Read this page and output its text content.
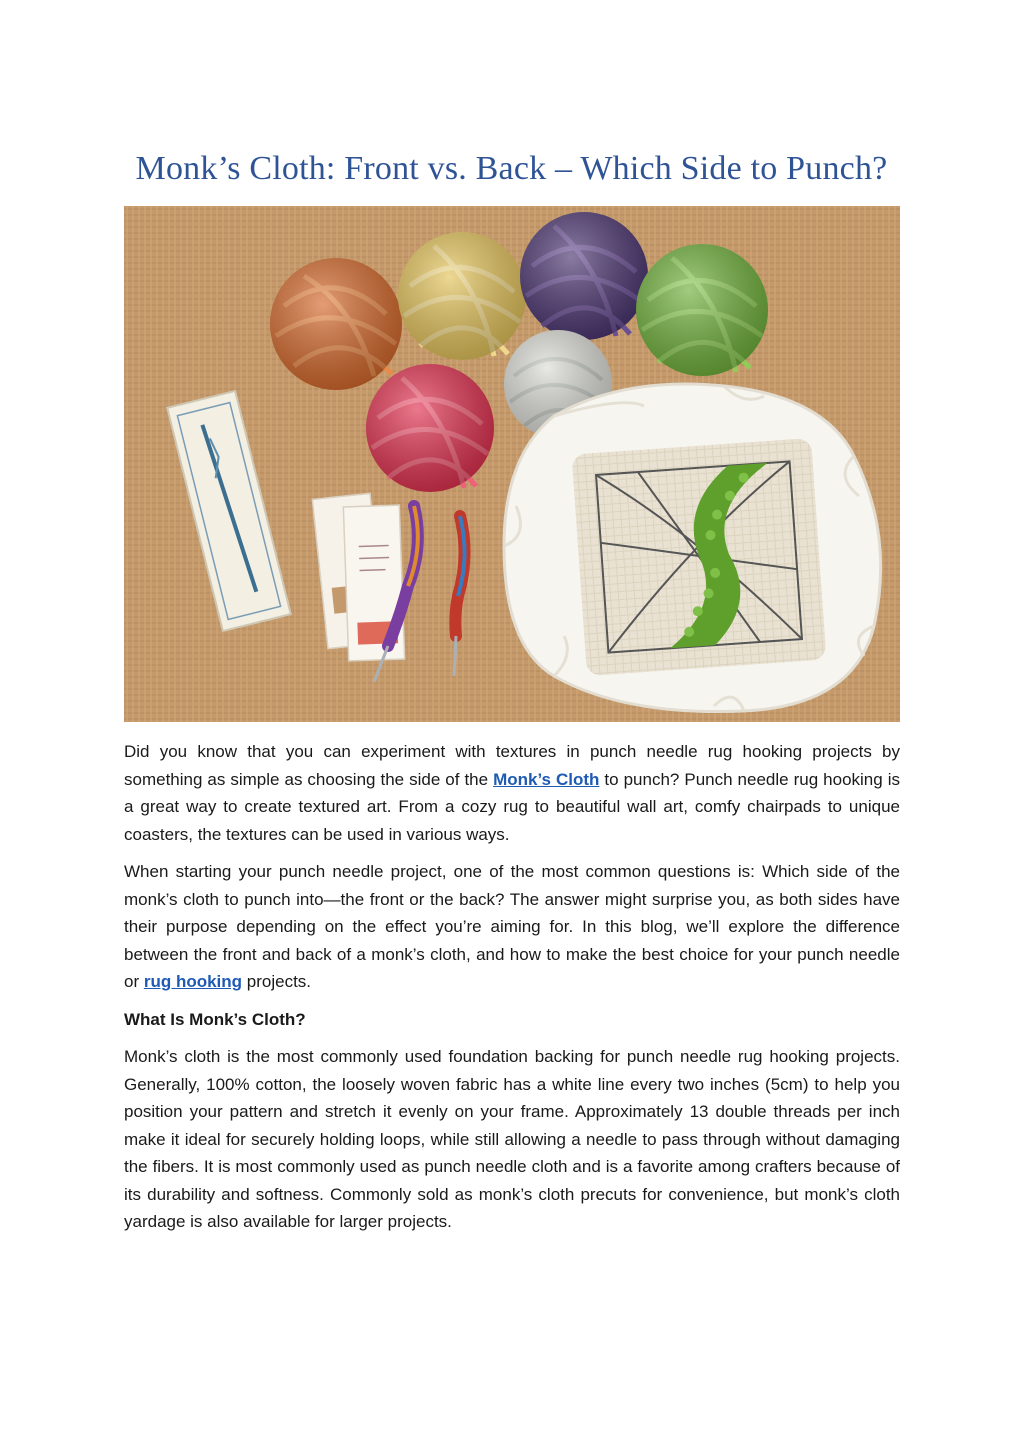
Monk’s Cloth: Front vs. Back – Which Side to Punch?

Did you know that you can experiment with textures in punch needle rug hooking projects by something as simple as choosing the side of the Monk’s Cloth to punch? Punch needle rug hooking is a great way to create textured art. From a cozy rug to beautiful wall art, comfy chairpads to unique coasters, the textures can be used in various ways.

When starting your punch needle project, one of the most common questions is: Which side of the monk’s cloth to punch into—the front or the back? The answer might surprise you, as both sides have their purpose depending on the effect you’re aiming for. In this blog, we’ll explore the difference between the front and back of a monk’s cloth, and how to make the best choice for your punch needle or rug hooking projects.

What Is Monk’s Cloth?

Monk’s cloth is the most commonly used foundation backing for punch needle rug hooking projects. Generally, 100% cotton, the loosely woven fabric has a white line every two inches (5cm) to help you position your pattern and stretch it evenly on your frame. Approximately 13 double threads per inch make it ideal for securely holding loops, while still allowing a needle to pass through without damaging the fibers. It is most commonly used as punch needle cloth and is a favorite among crafters because of its durability and softness. Commonly sold as monk’s cloth precuts for convenience, but monk’s cloth yardage is also available for larger projects.
